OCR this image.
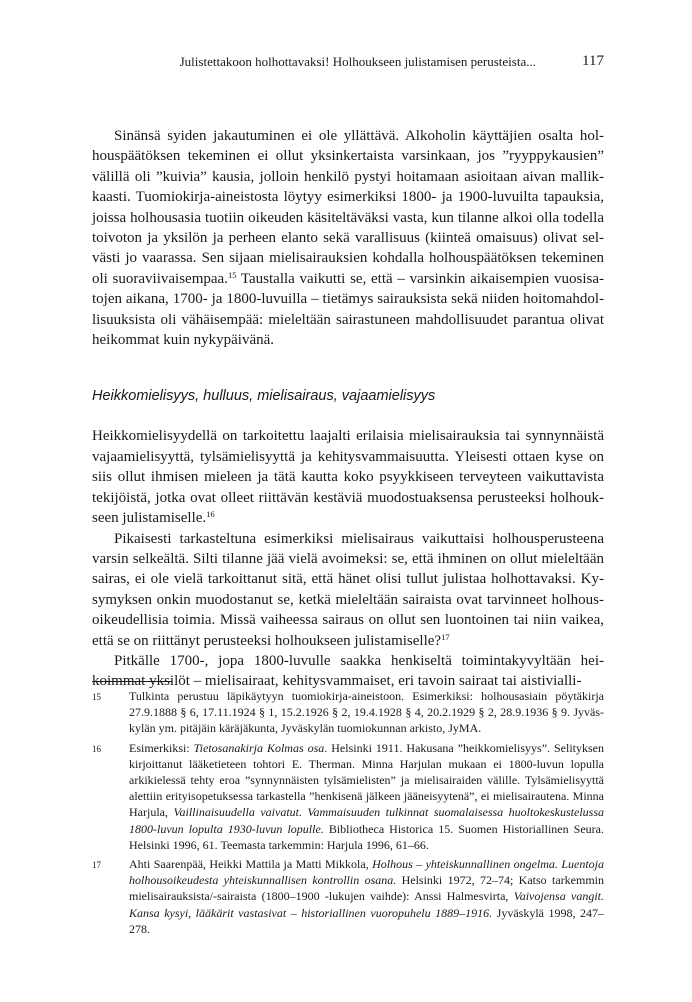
Julistettakoon holhottavaksi! Holhoukseen julistamisen perusteista...	117

Sinänsä syiden jakautuminen ei ole yllättävä. Alkoholin käyttäjien osalta holhouspäätöksen tekeminen ei ollut yksinkertaista varsinkaan, jos ”ryyppykausien” välillä oli ”kuivia” kausia, jolloin henkilö pystyi hoitamaan asioitaan aivan mallikkaasti. Tuomiokirja-aineistosta löytyy esimerkiksi 1800- ja 1900-luvuilta tapauksia, joissa holhousasia tuotiin oikeuden käsiteltäväksi vasta, kun tilanne alkoi olla todella toivoton ja yksilön ja perheen elanto sekä varallisuus (kiinteä omaisuus) olivat selvästi jo vaarassa. Sen sijaan mielisairauksien kohdalla holhouspäätöksen tekeminen oli suoraviivaisempaa.$^{15}$ Taustalla vaikutti se, että – varsinkin aikaisempien vuosisatojen aikana, 1700- ja 1800-luvuilla – tietämys sairauksista sekä niiden hoitomahdollisuuksista oli vähäisempää: mieleltään sairastuneen mahdollisuudet parantua olivat heikommat kuin nykypäivänä.

Heikkomielisyys, hulluus, mielisairaus, vajaamielisyys

Heikkomielisyydellä on tarkoitettu laajalti erilaisia mielisairauksia tai synnynnäistä vajaamielisyyttä, tylsämielisyyttä ja kehitysvammaisuutta. Yleisesti ottaen kyse on siis ollut ihmisen mieleen ja tätä kautta koko psyykkiseen terveyteen vaikuttavista tekijöistä, jotka ovat olleet riittävän kestäviä muodostuaksensa perusteeksi holhoukseen julistamiselle.$^{16}$

Pikaisesti tarkasteltuna esimerkiksi mielisairaus vaikuttaisi holhousperusteena varsin selkeältä. Silti tilanne jää vielä avoimeksi: se, että ihminen on ollut mieleltään sairas, ei ole vielä tarkoittanut sitä, että hänet olisi tullut julistaa holhottavaksi. Kysymyksen onkin muodostanut se, ketkä mieleltään sairaista ovat tarvinneet holhousoikeudellisia toimia. Missä vaiheessa sairaus on ollut sen luontoinen tai niin vaikea, että se on riittänyt perusteeksi holhoukseen julistamiselle?$^{17}$

Pitkälle 1700-, jopa 1800-luvulle saakka henkiseltä toimintakyvyltään heikoimmat yksilöt – mielisairaat, kehitysvammaiset, eri tavoin sairaat tai aistivialli-

15 Tulkinta perustuu läpikäytyyn tuomiokirja-aineistoon. Esimerkiksi: holhousasiain pöytäkirja 27.9.1888 § 6, 17.11.1924 § 1, 15.2.1926 § 2, 19.4.1928 § 4, 20.2.1929 § 2, 28.9.1936 § 9. Jyväskylän ym. pitäjäin käräjäkunta, Jyväskylän tuomiokunnan arkisto, JyMA.

16 Esimerkiksi: Tietosanakirja Kolmas osa. Helsinki 1911. Hakusana ”heikkomielisyys”. Selityksen kirjoittanut lääketieteen tohtori E. Therman. Minna Harjulan mukaan ei 1800-luvun lopulla arkikielessä tehty eroa ”synnynnäisten tylsämielisten” ja mielisairaiden välille. Tylsämielisyyttä alettiin erityisopetuksessa tarkastella ”henkisenä jälkeen jääneisyytenä”, ei mielisairautena. Minna Harjula, Vaillinaisuudella vaivatut. Vammaisuuden tulkinnat suomalaisessa huoltokeskustelussa 1800-luvun lopulta 1930-luvun lopulle. Bibliotheca Historica 15. Suomen Historiallinen Seura. Helsinki 1996, 61. Teemasta tarkemmin: Harjula 1996, 61–66.

17 Ahti Saarenpää, Heikki Mattila ja Matti Mikkola, Holhous – yhteiskunnallinen ongelma. Luentoja holhousoikeudesta yhteiskunnallisen kontrollin osana. Helsinki 1972, 72–74; Katso tarkemmin mielisairauksista/-sairaista (1800–1900 -lukujen vaihde): Anssi Halmesvirta, Vaivojensa vangit. Kansa kysyi, lääkärit vastasivat – historiallinen vuoropuhelu 1889–1916. Jyväskylä 1998, 247–278.
